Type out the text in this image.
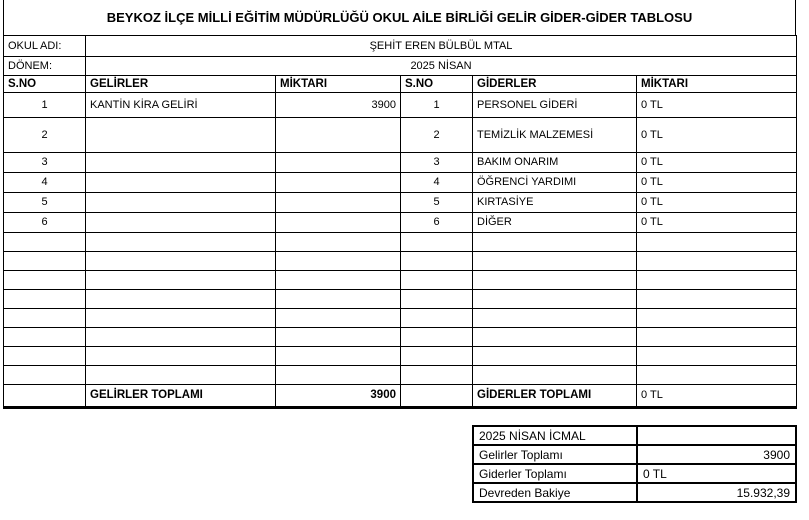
BEYKOZ İLÇE MİLLİ EĞİTİM MÜDÜRLÜĞÜ OKUL AİLE BİRLİĞİ GELİR GİDER-GİDER TABLOSU
OKUL ADI:	ŞEHİT EREN BÜLBÜL MTAL				
DÖNEM:	2025 NİSAN				
S.NO	GELİRLER	MİKTARI	S.NO	GİDERLER	MİKTARI
1	KANTİN KİRA GELİRİ	3900	1	PERSONEL GİDERİ	0 TL
2			2	TEMİZLİK MALZEMESİ	0 TL
3			3	BAKIM ONARIM	0 TL
4			4	ÖĞRENCİ YARDIMI	0 TL
5			5	KIRTASİYE	0 TL
6			6	DİĞER	0 TL

	GELİRLER TOPLAMI	3900		GİDERLER TOPLAMI	0 TL
2025 NİSAN İCMAL	
Gelirler Toplamı	3900
Giderler Toplamı	0 TL
Devreden Bakiye	15.932,39
